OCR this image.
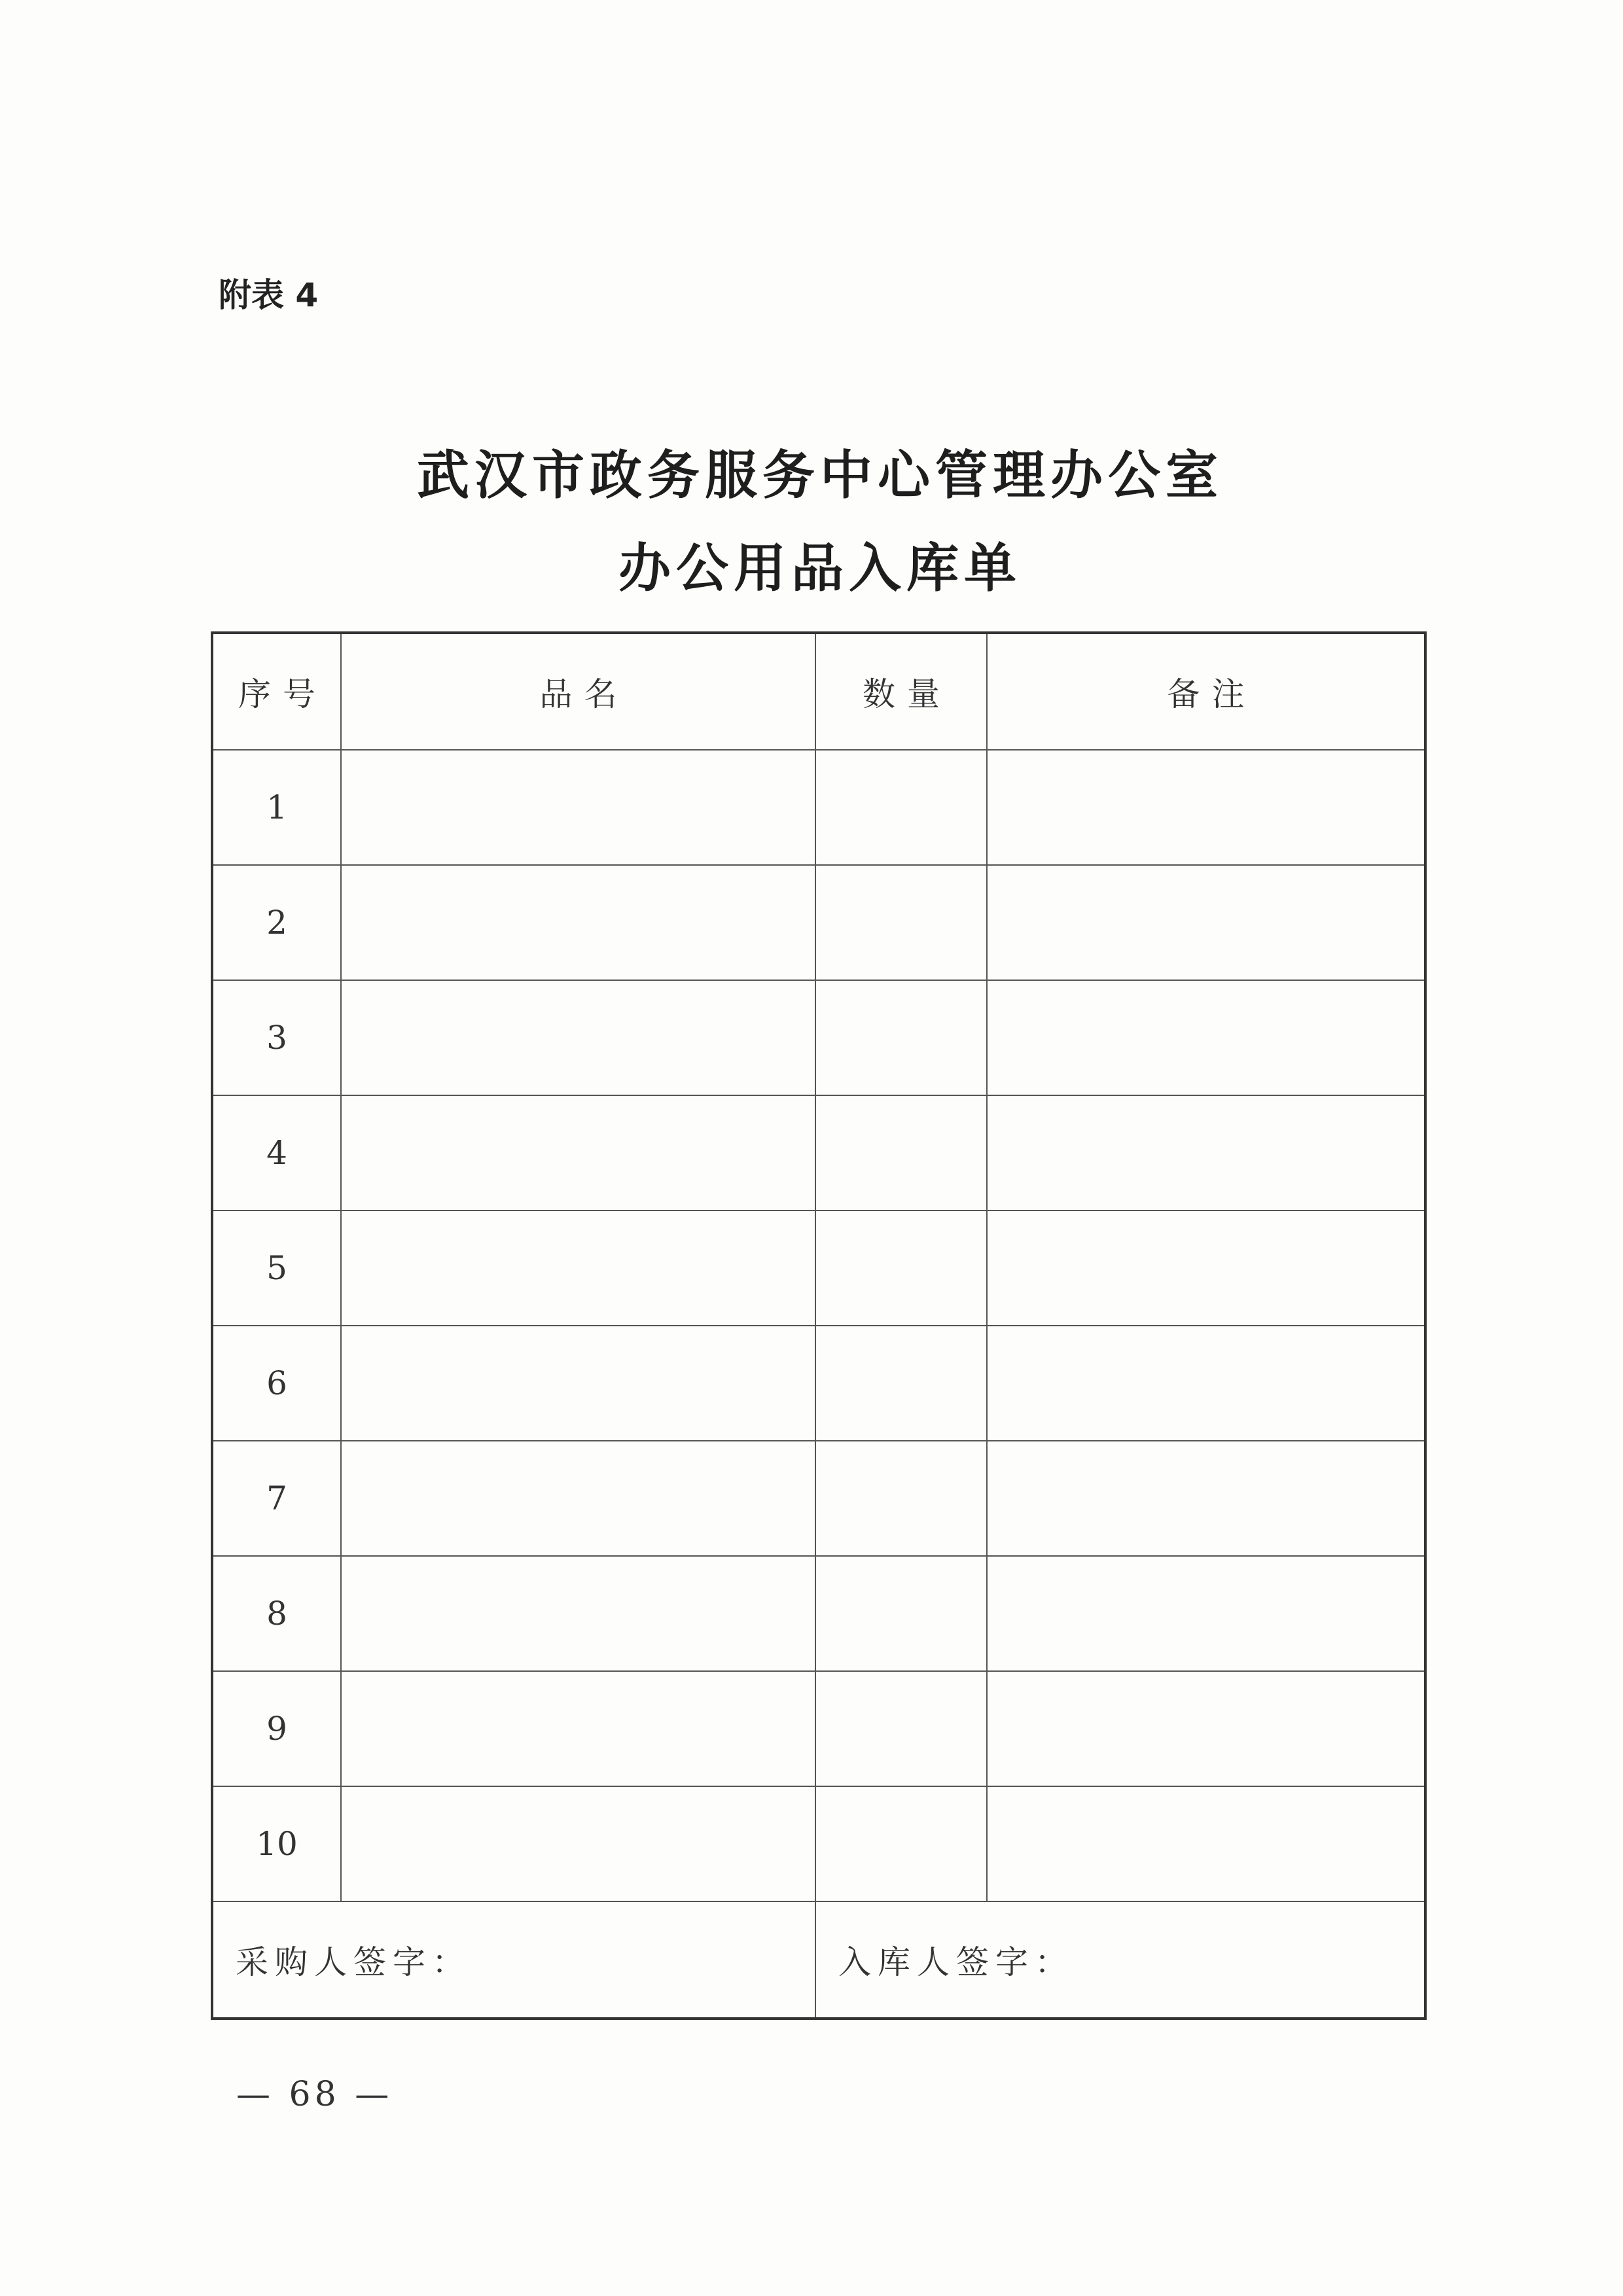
附表 4
武汉市政务服务中心管理办公室
办公用品入库单
序号	品名	数量	备注
1			
2			
3			
4			
5			
6			
7			
8			
9			
10			
采购人签字：		入库人签字：	
— 68 —
